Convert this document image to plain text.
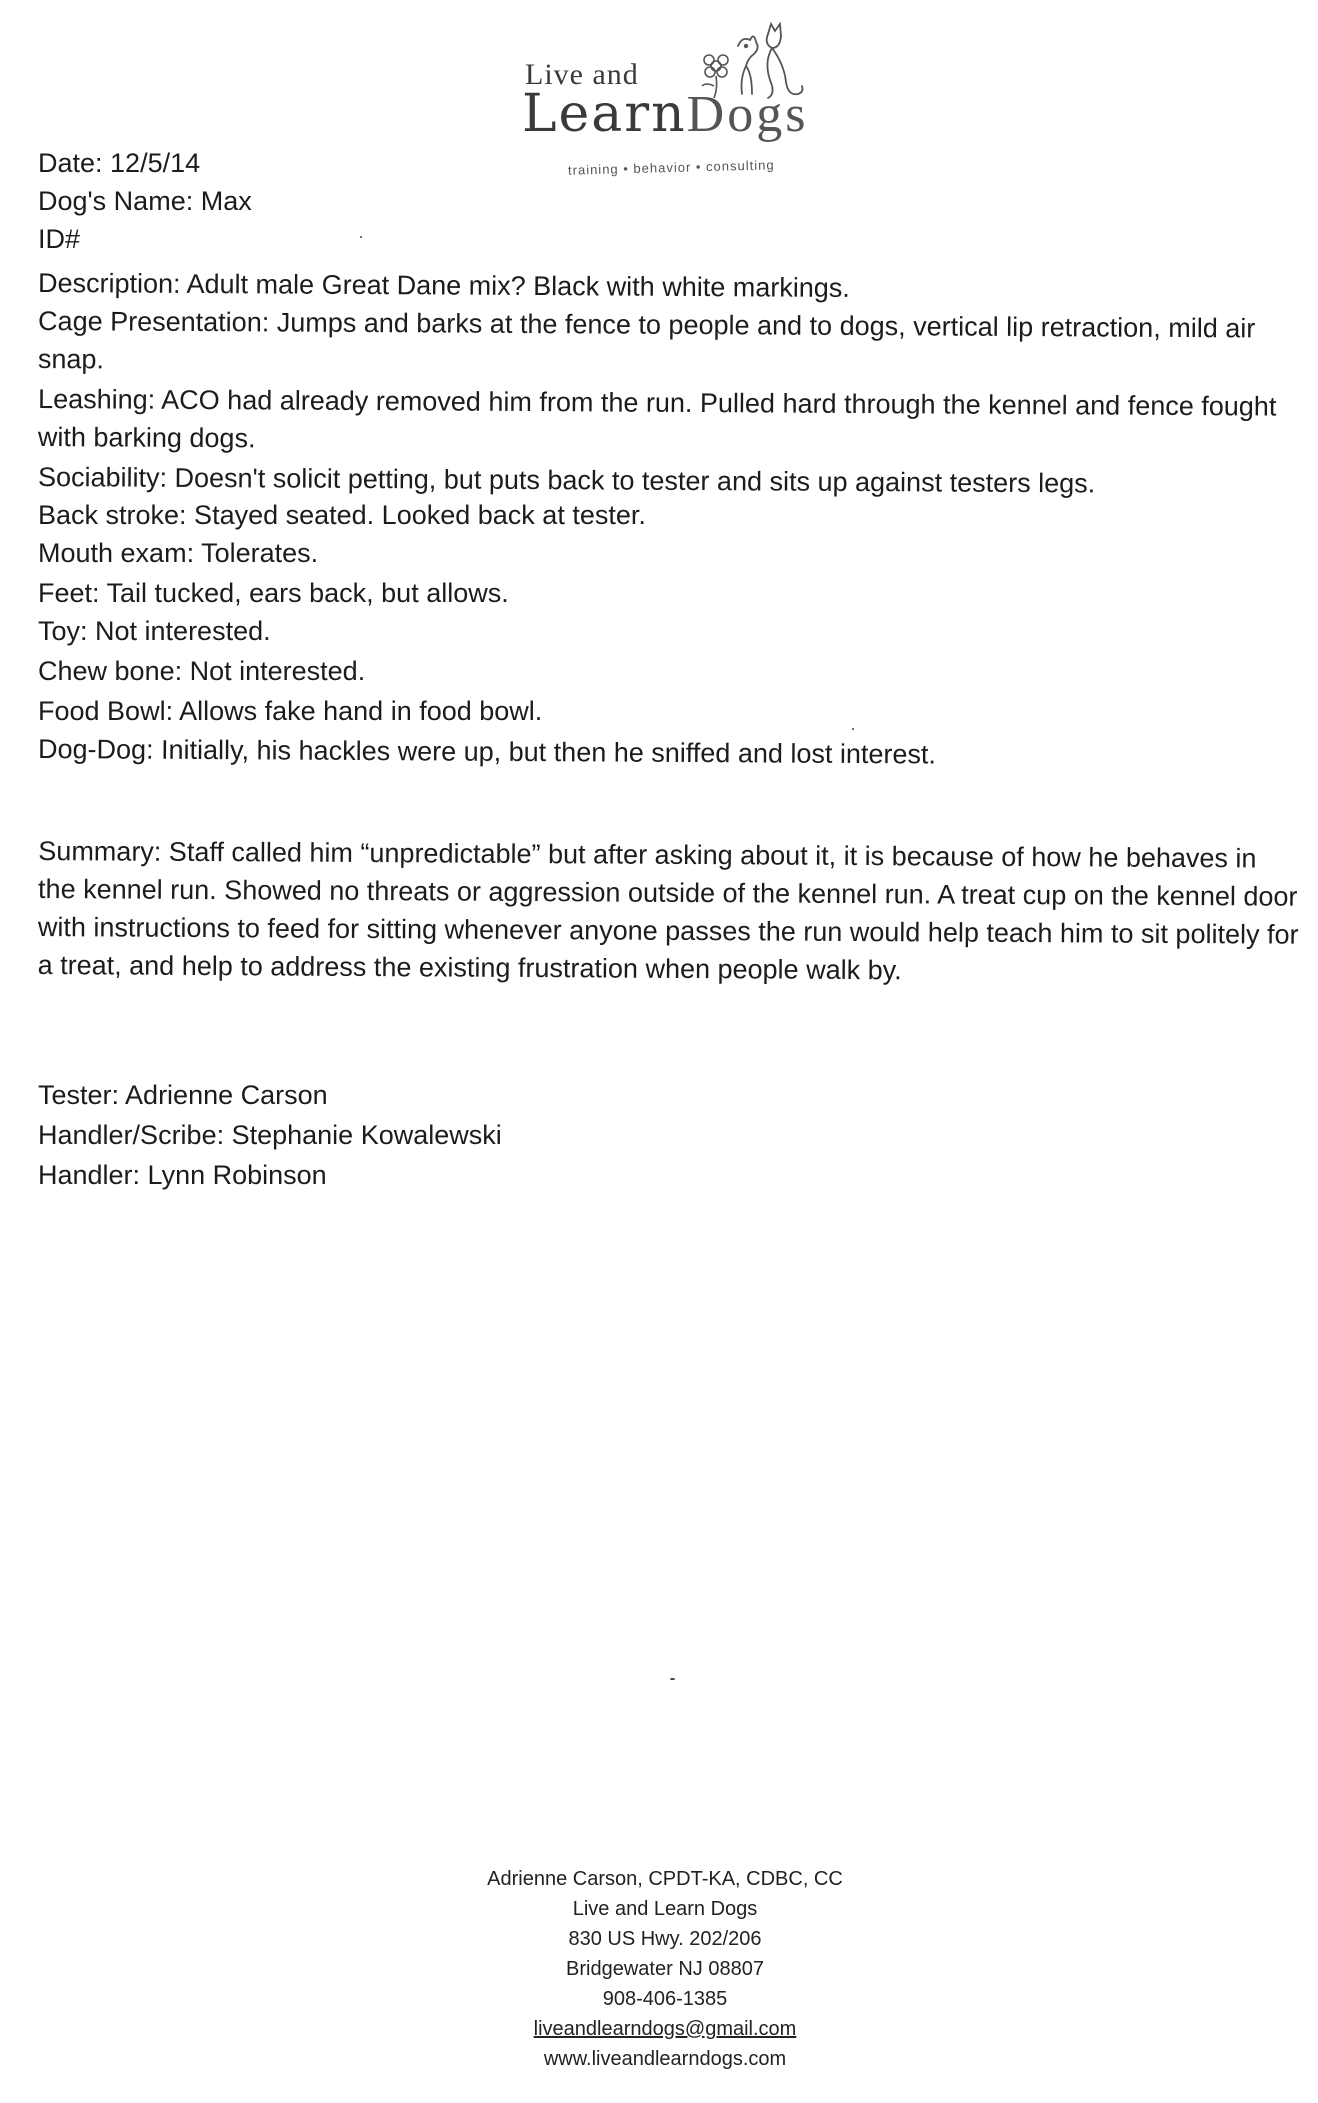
Live and
LearnDogs
training • behavior • consulting
Date: 12/5/14
Dog's Name: Max
ID#
Description: Adult male Great Dane mix? Black with white markings.
Cage Presentation: Jumps and barks at the fence to people and to dogs, vertical lip retraction, mild air snap.
Leashing: ACO had already removed him from the run. Pulled hard through the kennel and fence fought with barking dogs.
Sociability: Doesn't solicit petting, but puts back to tester and sits up against testers legs.
Back stroke: Stayed seated. Looked back at tester.
Mouth exam: Tolerates.
Feet: Tail tucked, ears back, but allows.
Toy: Not interested.
Chew bone: Not interested.
Food Bowl: Allows fake hand in food bowl.
Dog-Dog: Initially, his hackles were up, but then he sniffed and lost interest.
Summary: Staff called him “unpredictable” but after asking about it, it is because of how he behaves in the kennel run. Showed no threats or aggression outside of the kennel run. A treat cup on the kennel door with instructions to feed for sitting whenever anyone passes the run would help teach him to sit politely for a treat, and help to address the existing frustration when people walk by.
Tester: Adrienne Carson
Handler/Scribe: Stephanie Kowalewski
Handler: Lynn Robinson
Adrienne Carson, CPDT-KA, CDBC, CC
Live and Learn Dogs
830 US Hwy. 202/206
Bridgewater NJ 08807
908-406-1385
liveandlearndogs@gmail.com
www.liveandlearndogs.com
